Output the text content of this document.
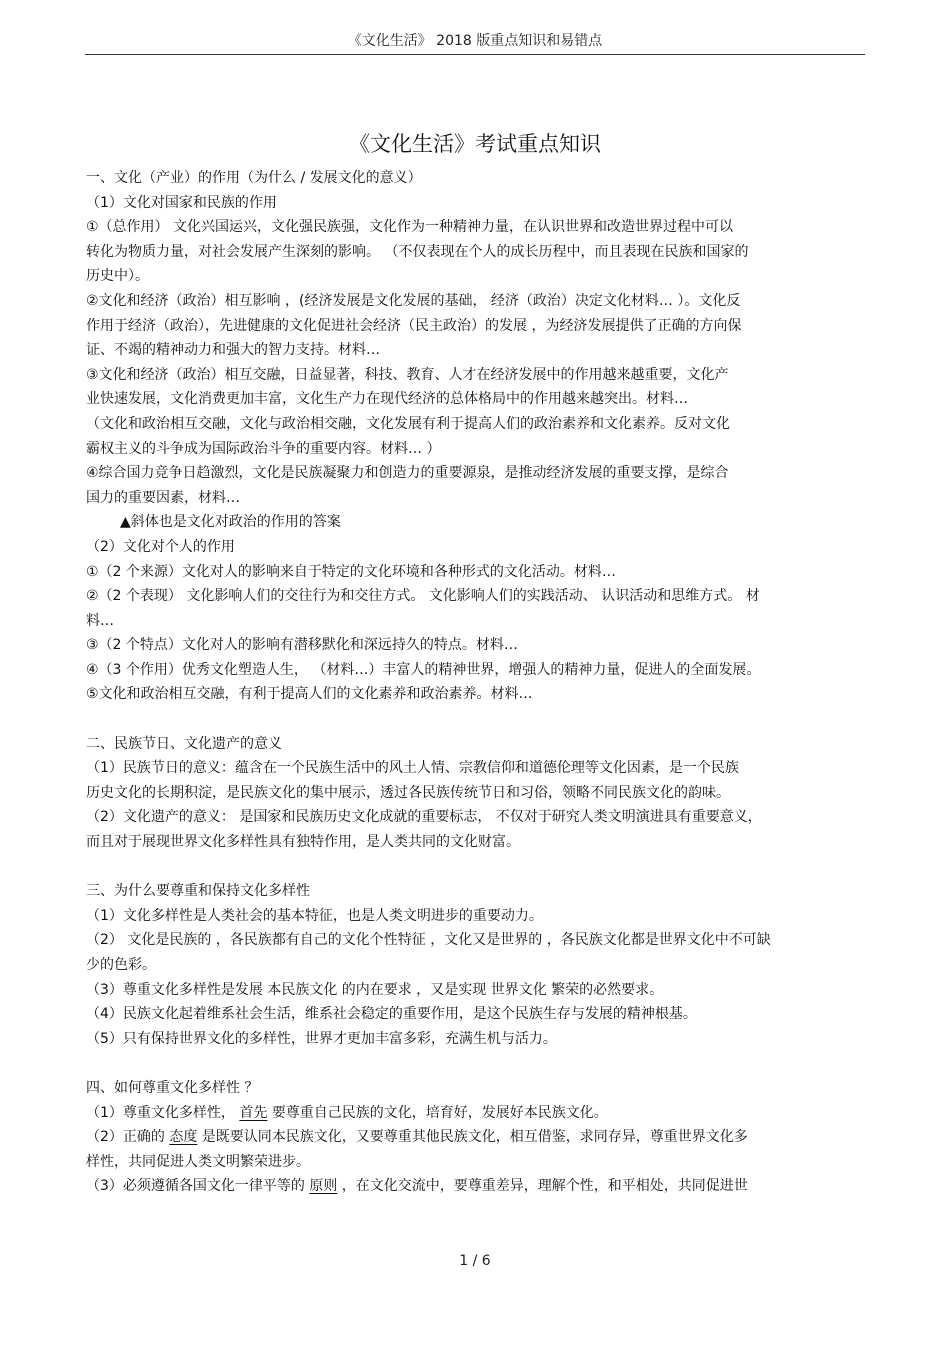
《文化生活》 2018 版重点知识和易错点
《文化生活》考试重点知识
一、文化（产业）的作用（为什么 / 发展文化的意义）
（1）文化对国家和民族的作用
①（总作用） 文化兴国运兴，文化强民族强，文化作为一种精神力量，在认识世界和改造世界过程中可以
转化为物质力量，对社会发展产生深刻的影响。 （不仅表现在个人的成长历程中，而且表现在民族和国家的
历史中）。
②文化和经济（政治）相互影响 ，(经济发展是文化发展的基础， 经济（政治）决定文化材料… ）。文化反
作用于经济（政治），先进健康的文化促进社会经济（民主政治）的发展 ，为经济发展提供了正确的方向保
证、不竭的精神动力和强大的智力支持。材料…
③文化和经济（政治）相互交融，日益显著，科技、教育、人才在经济发展中的作用越来越重要，文化产
业快速发展，文化消费更加丰富，文化生产力在现代经济的总体格局中的作用越来越突出。材料…
（文化和政治相互交融，文化与政治相交融，文化发展有利于提高人们的政治素养和文化素养。反对文化
霸权主义的斗争成为国际政治斗争的重要内容。材料… ）
④综合国力竞争日趋激烈，文化是民族凝聚力和创造力的重要源泉，是推动经济发展的重要支撑，是综合
国力的重要因素，材料…
▲斜体也是文化对政治的作用的答案
（2）文化对个人的作用
①（2 个来源）文化对人的影响来自于特定的文化环境和各种形式的文化活动。材料…
②（2 个表现） 文化影响人们的交往行为和交往方式。 文化影响人们的实践活动、 认识活动和思维方式。 材
料…
③（2 个特点）文化对人的影响有潜移默化和深远持久的特点。材料…
④（3 个作用）优秀文化塑造人生， （材料…）丰富人的精神世界，增强人的精神力量，促进人的全面发展。
⑤文化和政治相互交融，有利于提高人们的文化素养和政治素养。材料…
二、民族节日、文化遗产的意义
（1）民族节日的意义：蕴含在一个民族生活中的风土人情、宗教信仰和道德伦理等文化因素，是一个民族
历史文化的长期积淀，是民族文化的集中展示，透过各民族传统节日和习俗，领略不同民族文化的韵味。
（2）文化遗产的意义： 是国家和民族历史文化成就的重要标志， 不仅对于研究人类文明演进具有重要意义，
而且对于展现世界文化多样性具有独特作用，是人类共同的文化财富。
三、为什么要尊重和保持文化多样性
（1）文化多样性是人类社会的基本特征，也是人类文明进步的重要动力。
（2） 文化是民族的 ，各民族都有自己的文化个性特征 ，文化又是世界的 ，各民族文化都是世界文化中不可缺
少的色彩。
（3）尊重文化多样性是发展 本民族文化 的内在要求 ，又是实现 世界文化 繁荣的必然要求。
（4）民族文化起着维系社会生活，维系社会稳定的重要作用，是这个民族生存与发展的精神根基。
（5）只有保持世界文化的多样性，世界才更加丰富多彩，充满生机与活力。
四、如何尊重文化多样性 ？
（1）尊重文化多样性， 首先 要尊重自己民族的文化，培育好，发展好本民族文化。
（2）正确的 态度 是既要认同本民族文化，又要尊重其他民族文化，相互借鉴，求同存异，尊重世界文化多
样性，共同促进人类文明繁荣进步。
（3）必须遵循各国文化一律平等的 原则 ，在文化交流中，要尊重差异，理解个性，和平相处，共同促进世
1 / 6
